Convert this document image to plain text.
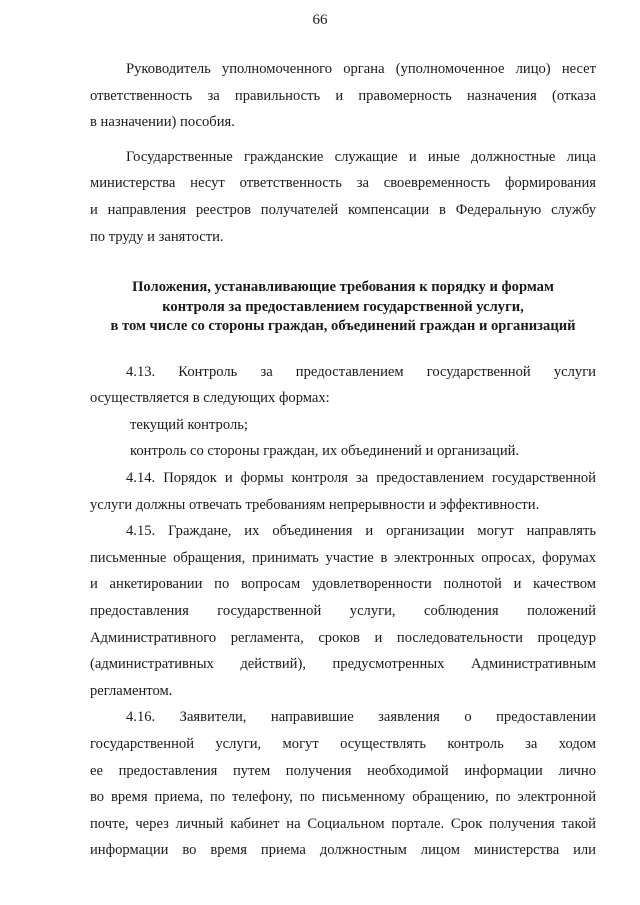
66
Руководитель уполномоченного органа (уполномоченное лицо) несет
ответственность за правильность и правомерность назначения (отказа
в назначении) пособия.
Государственные гражданские служащие и иные должностные лица
министерства несут ответственность за своевременность формирования
и направления реестров получателей компенсации в Федеральную службу
по труду и занятости.
Положения, устанавливающие требования к порядку и формам
контроля за предоставлением государственной услуги,
в том числе со стороны граждан, объединений граждан и организаций
4.13. Контроль за предоставлением государственной услуги
осуществляется в следующих формах:
текущий контроль;
контроль со стороны граждан, их объединений и организаций.
4.14. Порядок и формы контроля за предоставлением государственной
услуги должны отвечать требованиям непрерывности и эффективности.
4.15. Граждане, их объединения и организации могут направлять
письменные обращения, принимать участие в электронных опросах, форумах
и анкетировании по вопросам удовлетворенности полнотой и качеством
предоставления государственной услуги, соблюдения положений
Административного регламента, сроков и последовательности процедур
(административных действий), предусмотренных Административным
регламентом.
4.16. Заявители, направившие заявления о предоставлении
государственной услуги, могут осуществлять контроль за ходом
ее предоставления путем получения необходимой информации лично
во время приема, по телефону, по письменному обращению, по электронной
почте, через личный кабинет на Социальном портале. Срок получения такой
информации во время приема должностным лицом министерства или
